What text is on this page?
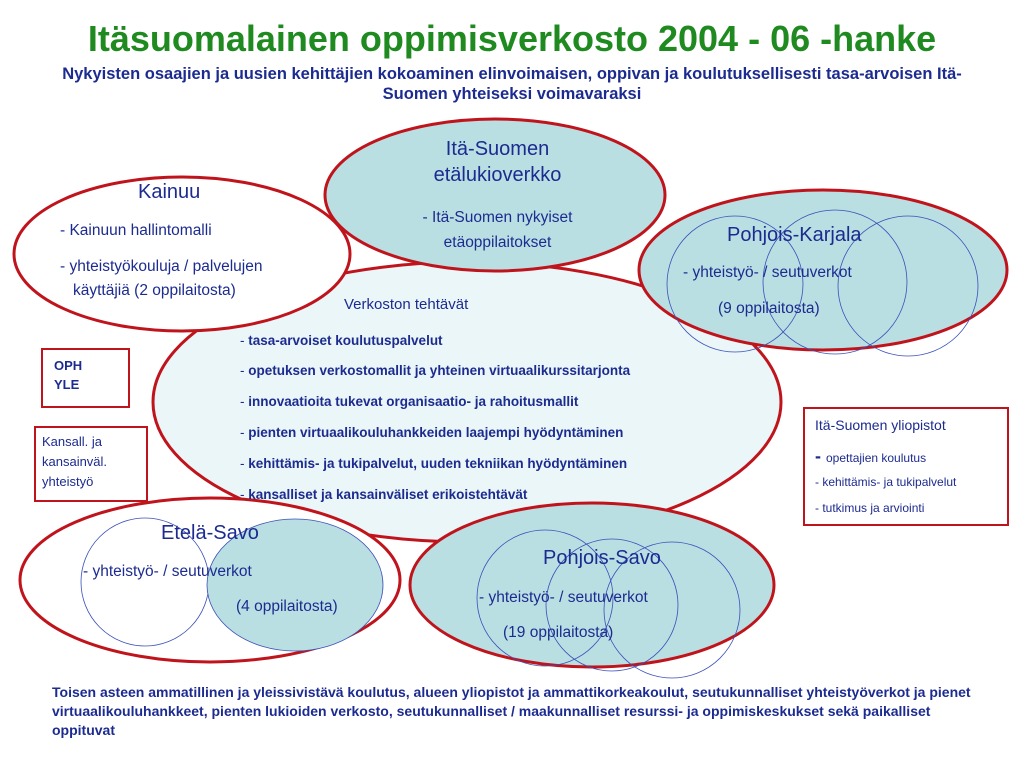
Itäsuomalainen oppimisverkosto 2004 - 06 -hanke
Nykyisten osaajien ja uusien kehittäjien kokoaminen elinvoimaisen, oppivan ja koulutuksellisesti tasa-arvoisen Itä-Suomen yhteiseksi voimavaraksi
Kainuu
- Kainuun hallintomalli
- yhteistyökouluja / palvelujen
käyttäjiä (2 oppilaitosta)
Itä-Suomen
etälukioverkko
- Itä-Suomen nykyiset
etäoppilaitokset	Pohjois-Karjala
- yhteistyö- / seutuverkot
(9 oppilaitosta)
Verkoston tehtävät
- tasa-arvoiset koulutuspalvelut
- opetuksen verkostomallit ja yhteinen virtuaalikurssitarjonta
- innovaatioita tukevat organisaatio- ja rahoitusmallit
- pienten virtuaalikouluhankkeiden laajempi hyödyntäminen
- kehittämis- ja tukipalvelut, uuden tekniikan hyödyntäminen
- kansalliset ja kansainväliset erikoistehtävät
OPH
YLE
Kansall. ja
kansainväl.
yhteistyö
Itä-Suomen yliopistot
- opettajien koulutus
- kehittämis- ja tukipalvelut
- tutkimus ja arviointi
Etelä-Savo
- yhteistyö- / seutuverkot
(4 oppilaitosta)
Pohjois-Savo
- yhteistyö- / seutuverkot
(19 oppilaitosta)
Toisen asteen ammatillinen ja yleissivistävä koulutus, alueen yliopistot ja ammattikorkeakoulut, seutukunnalliset yhteistyöverkot ja pienet virtuaalikouluhankkeet, pienten lukioiden verkosto, seutukunnalliset / maakunnalliset resurssi- ja oppimiskeskukset sekä paikalliset oppituvat
